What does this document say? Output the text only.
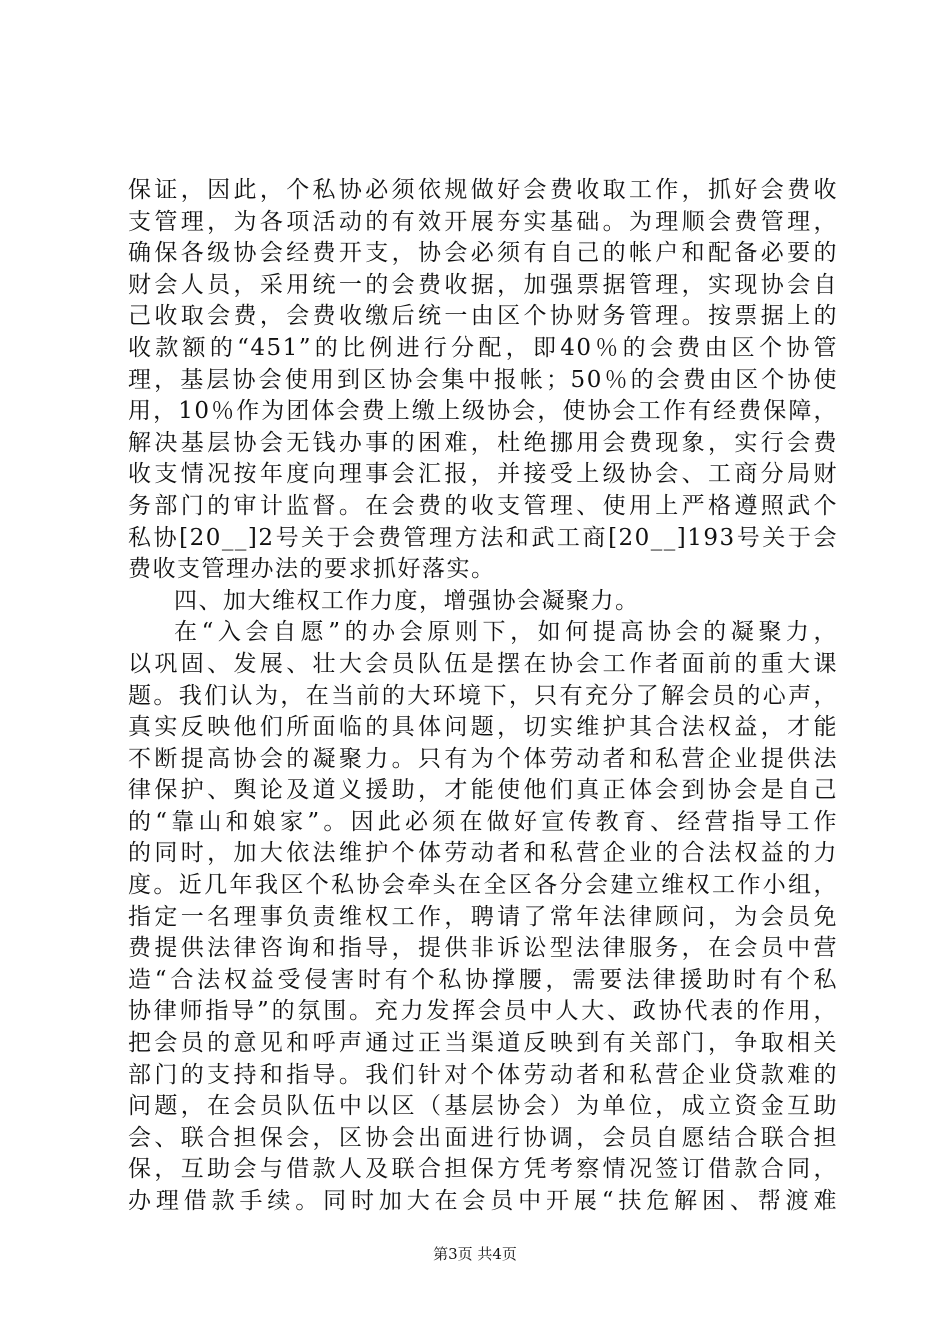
保证，因此，个私协必须依规做好会费收取工作，抓好会费收
支管理，为各项活动的有效开展夯实基础。为理顺会费管理，
确保各级协会经费开支，协会必须有自己的帐户和配备必要的
财会人员，采用统一的会费收据，加强票据管理，实现协会自
己收取会费，会费收缴后统一由区个协财务管理。按票据上的
收款额的“451”的比例进行分配，即40％的会费由区个协管
理，基层协会使用到区协会集中报帐；50％的会费由区个协使
用，10％作为团体会费上缴上级协会，使协会工作有经费保障，
解决基层协会无钱办事的困难，杜绝挪用会费现象，实行会费
收支情况按年度向理事会汇报，并接受上级协会、工商分局财
务部门的审计监督。在会费的收支管理、使用上严格遵照武个
私协[20__]2号关于会费管理方法和武工商[20__]193号关于会
费收支管理办法的要求抓好落实。
四、加大维权工作力度，增强协会凝聚力。
在“入会自愿”的办会原则下，如何提高协会的凝聚力，
以巩固、发展、壮大会员队伍是摆在协会工作者面前的重大课
题。我们认为，在当前的大环境下，只有充分了解会员的心声，
真实反映他们所面临的具体问题，切实维护其合法权益，才能
不断提高协会的凝聚力。只有为个体劳动者和私营企业提供法
律保护、舆论及道义援助，才能使他们真正体会到协会是自己
的“靠山和娘家”。因此必须在做好宣传教育、经营指导工作
的同时，加大依法维护个体劳动者和私营企业的合法权益的力
度。近几年我区个私协会牵头在全区各分会建立维权工作小组，
指定一名理事负责维权工作，聘请了常年法律顾问，为会员免
费提供法律咨询和指导，提供非诉讼型法律服务，在会员中营
造“合法权益受侵害时有个私协撑腰，需要法律援助时有个私
协律师指导”的氛围。充力发挥会员中人大、政协代表的作用，
把会员的意见和呼声通过正当渠道反映到有关部门，争取相关
部门的支持和指导。我们针对个体劳动者和私营企业贷款难的
问题，在会员队伍中以区（基层协会）为单位，成立资金互助
会、联合担保会，区协会出面进行协调，会员自愿结合联合担
保，互助会与借款人及联合担保方凭考察情况签订借款合同，
办理借款手续。同时加大在会员中开展“扶危解困、帮渡难
第3页 共4页
